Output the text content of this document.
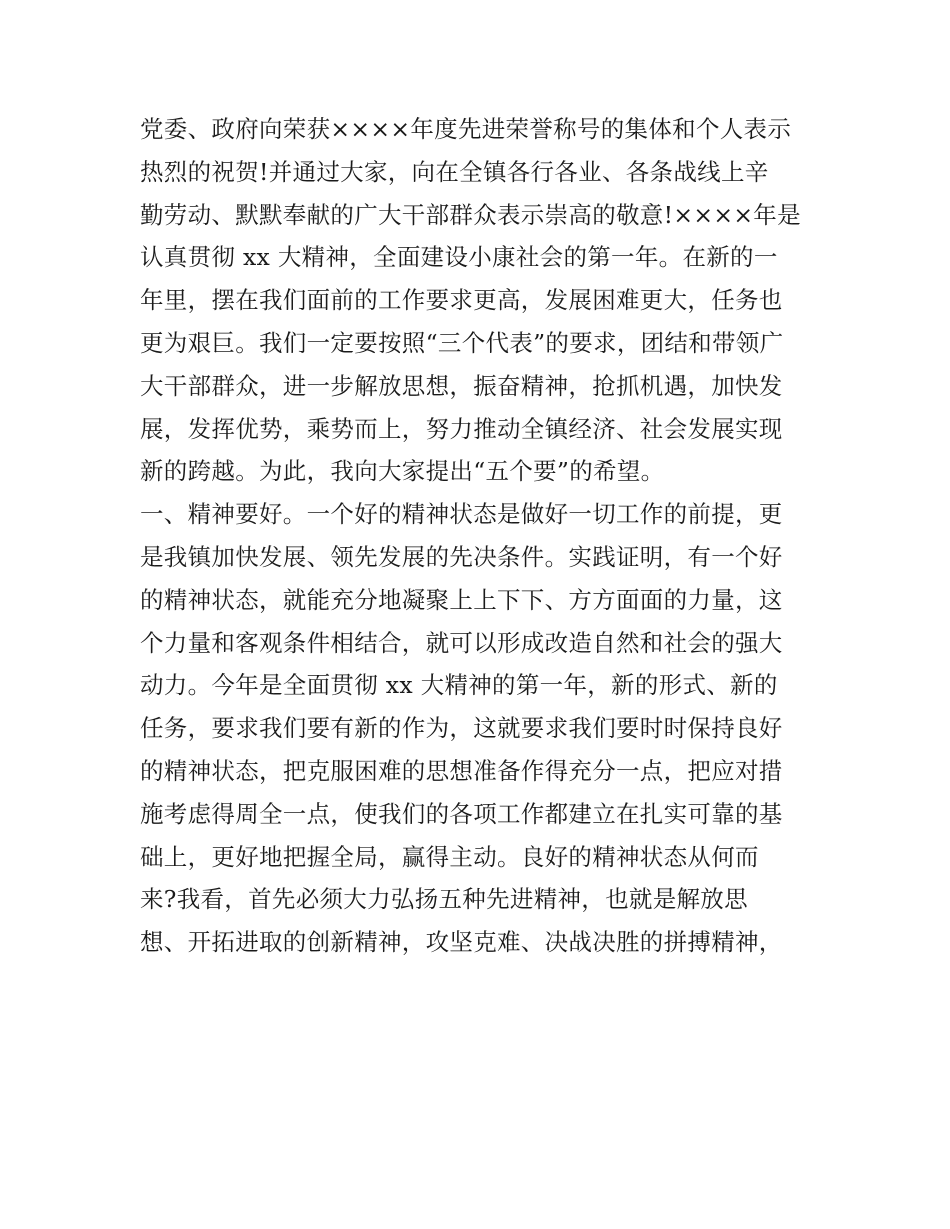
党委、政府向荣获××××年度先进荣誉称号的集体和个人表示
热烈的祝贺!并通过大家，向在全镇各行各业、各条战线上辛
勤劳动、默默奉献的广大干部群众表示崇高的敬意!××××年是
认真贯彻 xx 大精神，全面建设小康社会的第一年。在新的一
年里，摆在我们面前的工作要求更高，发展困难更大，任务也
更为艰巨。我们一定要按照“三个代表”的要求，团结和带领广
大干部群众，进一步解放思想，振奋精神，抢抓机遇，加快发
展，发挥优势，乘势而上，努力推动全镇经济、社会发展实现
新的跨越。为此，我向大家提出“五个要”的希望。
一、精神要好。一个好的精神状态是做好一切工作的前提，更
是我镇加快发展、领先发展的先决条件。实践证明，有一个好
的精神状态，就能充分地凝聚上上下下、方方面面的力量，这
个力量和客观条件相结合，就可以形成改造自然和社会的强大
动力。今年是全面贯彻 xx 大精神的第一年，新的形式、新的
任务，要求我们要有新的作为，这就要求我们要时时保持良好
的精神状态，把克服困难的思想准备作得充分一点，把应对措
施考虑得周全一点，使我们的各项工作都建立在扎实可靠的基
础上，更好地把握全局，赢得主动。良好的精神状态从何而
来?我看，首先必须大力弘扬五种先进精神，也就是解放思
想、开拓进取的创新精神，攻坚克难、决战决胜的拼搏精神，
